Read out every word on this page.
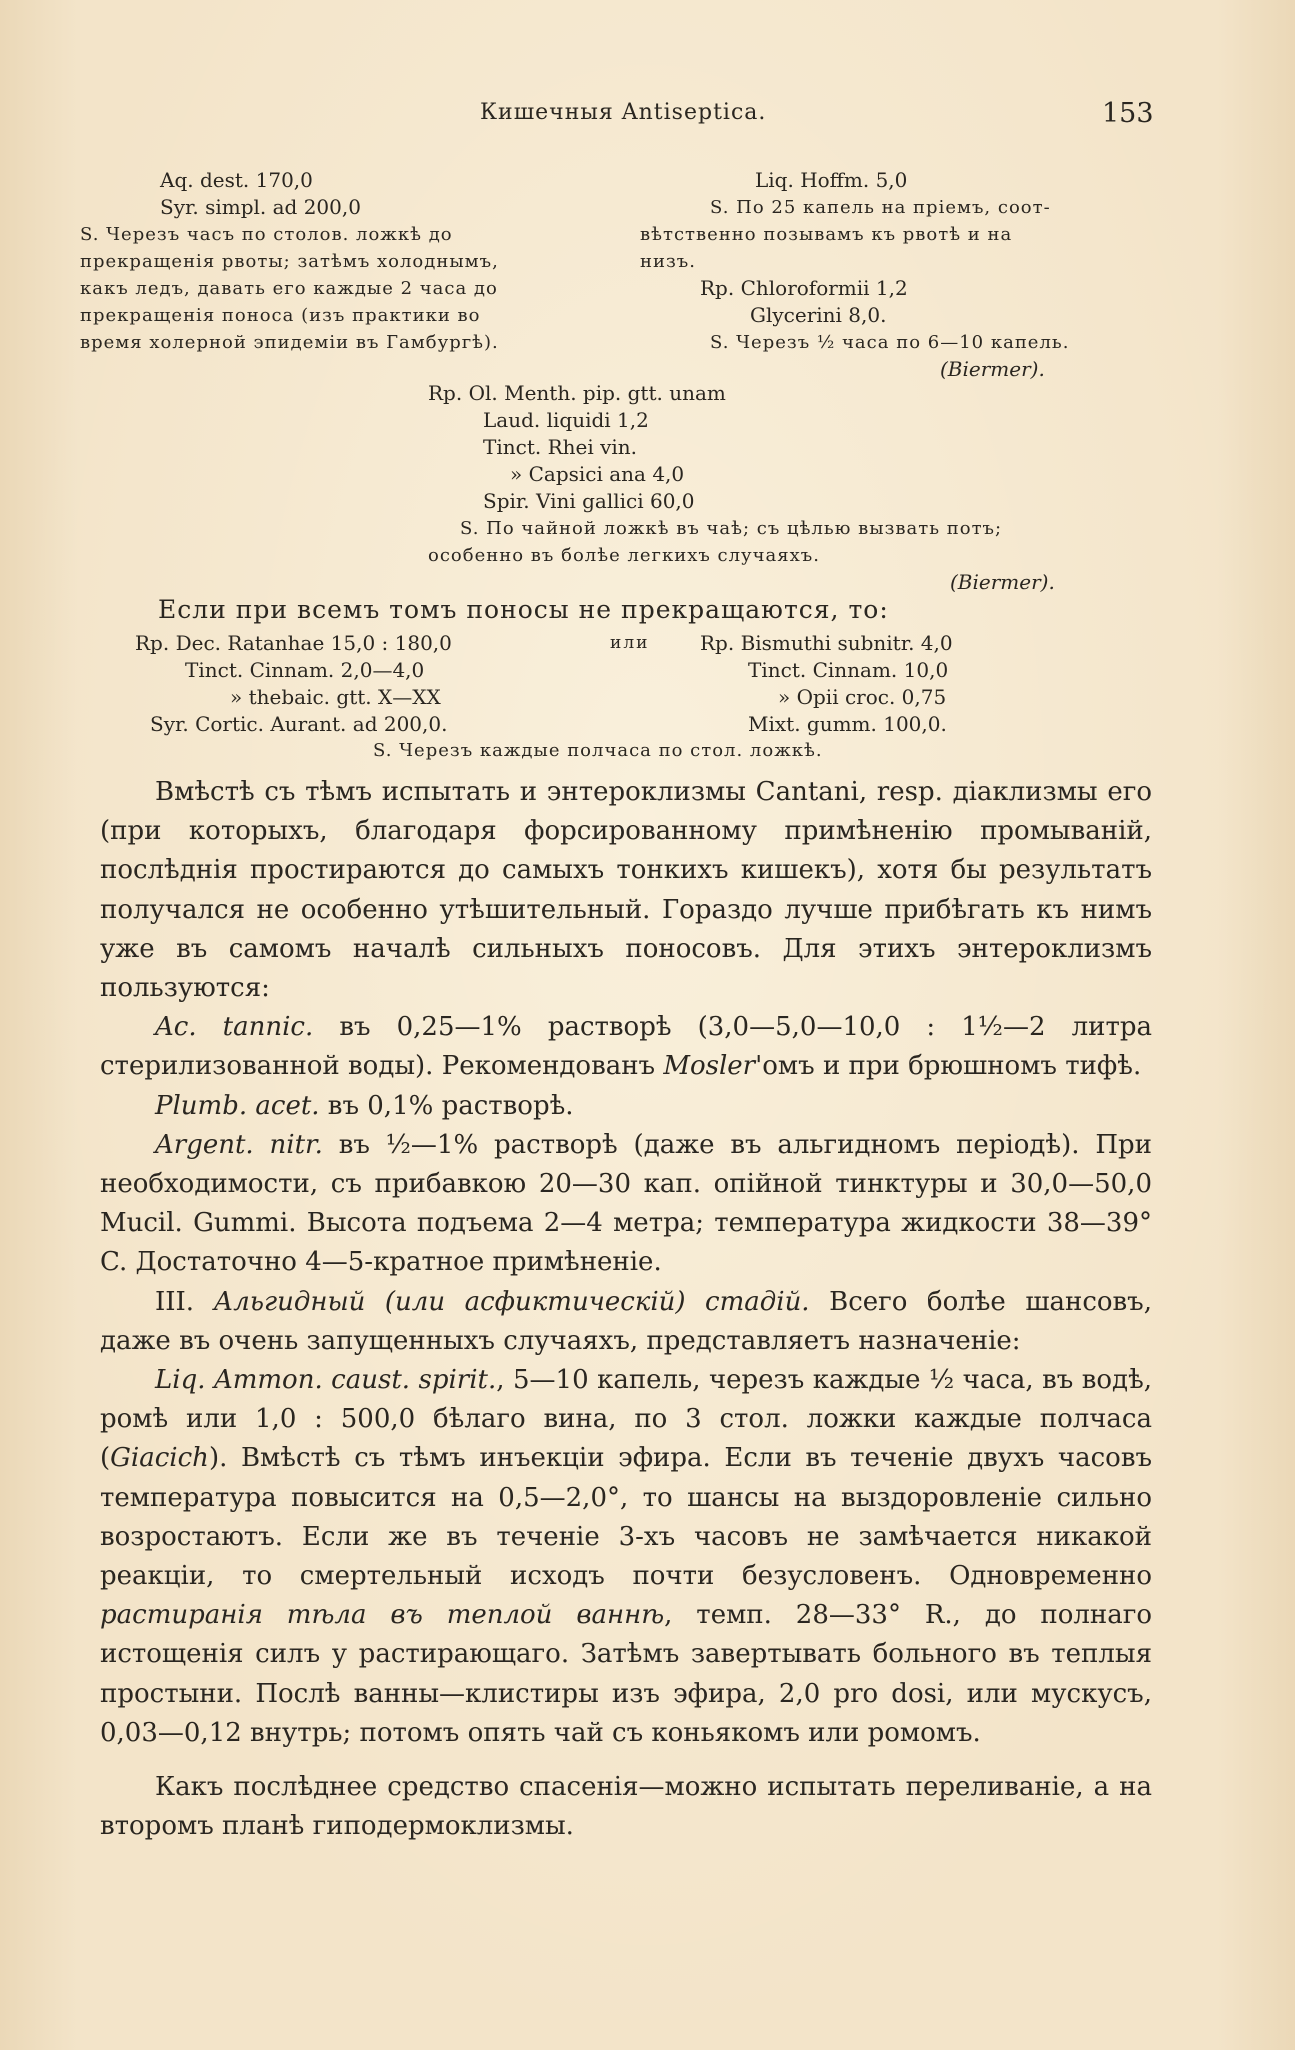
Кишечныя Antiseptica.	153
Aq. dest. 170,0
Syr. simpl. ad 200,0
S. Черезъ часъ по столов. ложкѣ до
прекращенія рвоты; затѣмъ холоднымъ,
какъ ледъ, давать его каждые 2 часа до
прекращенія поноса (изъ практики во
время холерной эпидеміи въ Гамбургѣ).
Liq. Hoffm. 5,0
S. По 25 капель на пріемъ, соот-
вѣтственно позывамъ къ рвотѣ и на
низъ.
Rp. Chloroformii 1,2
Glycerini 8,0.
S. Черезъ ½ часа по 6—10 капель.
(Biermer).
Rp. Ol. Menth. pip. gtt. unam
Laud. liquidi 1,2
Tinct. Rhei vin.
» Capsici ana 4,0
Spir. Vini gallici 60,0
S. По чайной ложкѣ въ чаѣ; съ цѣлью вызвать потъ;
особенно въ болѣе легкихъ случаяхъ.
(Biermer).
Если при всемъ томъ поносы не прекращаются, то:
Rp. Dec. Ratanhae 15,0 : 180,0
Tinct. Cinnam. 2,0—4,0
» thebaic. gtt. X—XX
Syr. Cortic. Aurant. ad 200,0.
или	Rp. Bismuthi subnitr. 4,0
Tinct. Cinnam. 10,0
» Opii croc. 0,75
Mixt. gumm. 100,0.
S. Черезъ каждые полчаса по стол. ложкѣ.

Вмѣстѣ съ тѣмъ испытать и энтероклизмы Cantani, resp. діаклизмы его (при которыхъ, благодаря форсированному примѣненію промываній, послѣднія простираются до самыхъ тонкихъ кишекъ), хотя бы результатъ получался не особенно утѣшительный. Гораздо лучше прибѣгать къ нимъ уже въ самомъ началѣ сильныхъ поносовъ. Для этихъ энтероклизмъ пользуются:

Ac. tannic. въ 0,25—1% растворѣ (3,0—5,0—10,0 : 1½—2 литра стерилизованной воды). Рекомендованъ Mosler'омъ и при брюшномъ тифѣ.

Plumb. acet. въ 0,1% растворѣ.

Argent. nitr. въ ½—1% растворѣ (даже въ альгидномъ періодѣ). При необходимости, съ прибавкою 20—30 кап. опійной тинктуры и 30,0—50,0 Mucil. Gummi. Высота подъема 2—4 метра; температура жидкости 38—39° C. Достаточно 4—5-кратное примѣненіе.

III. Альгидный (или асфиктическій) стадій. Всего болѣе шансовъ, даже въ очень запущенныхъ случаяхъ, представляетъ назначеніе:

Liq. Ammon. caust. spirit., 5—10 капель, черезъ каждые ½ часа, въ водѣ, ромѣ или 1,0 : 500,0 бѣлаго вина, по 3 стол. ложки каждые полчаса (Giacich). Вмѣстѣ съ тѣмъ инъекціи эфира. Если въ теченіе двухъ часовъ температура повысится на 0,5—2,0°, то шансы на выздоровленіе сильно возростаютъ. Если же въ теченіе 3-хъ часовъ не замѣчается никакой реакціи, то смертельный исходъ почти безусловенъ. Одновременно растиранія тѣла въ теплой ваннѣ, темп. 28—33° R., до полнаго истощенія силъ у растирающаго. Затѣмъ завертывать больного въ теплыя простыни. Послѣ ванны—клистиры изъ эфира, 2,0 pro dosi, или мускусъ, 0,03—0,12 внутрь; потомъ опять чай съ коньякомъ или ромомъ.

Какъ послѣднее средство спасенія—можно испытать переливаніе, а на второмъ планѣ гиподермоклизмы.
